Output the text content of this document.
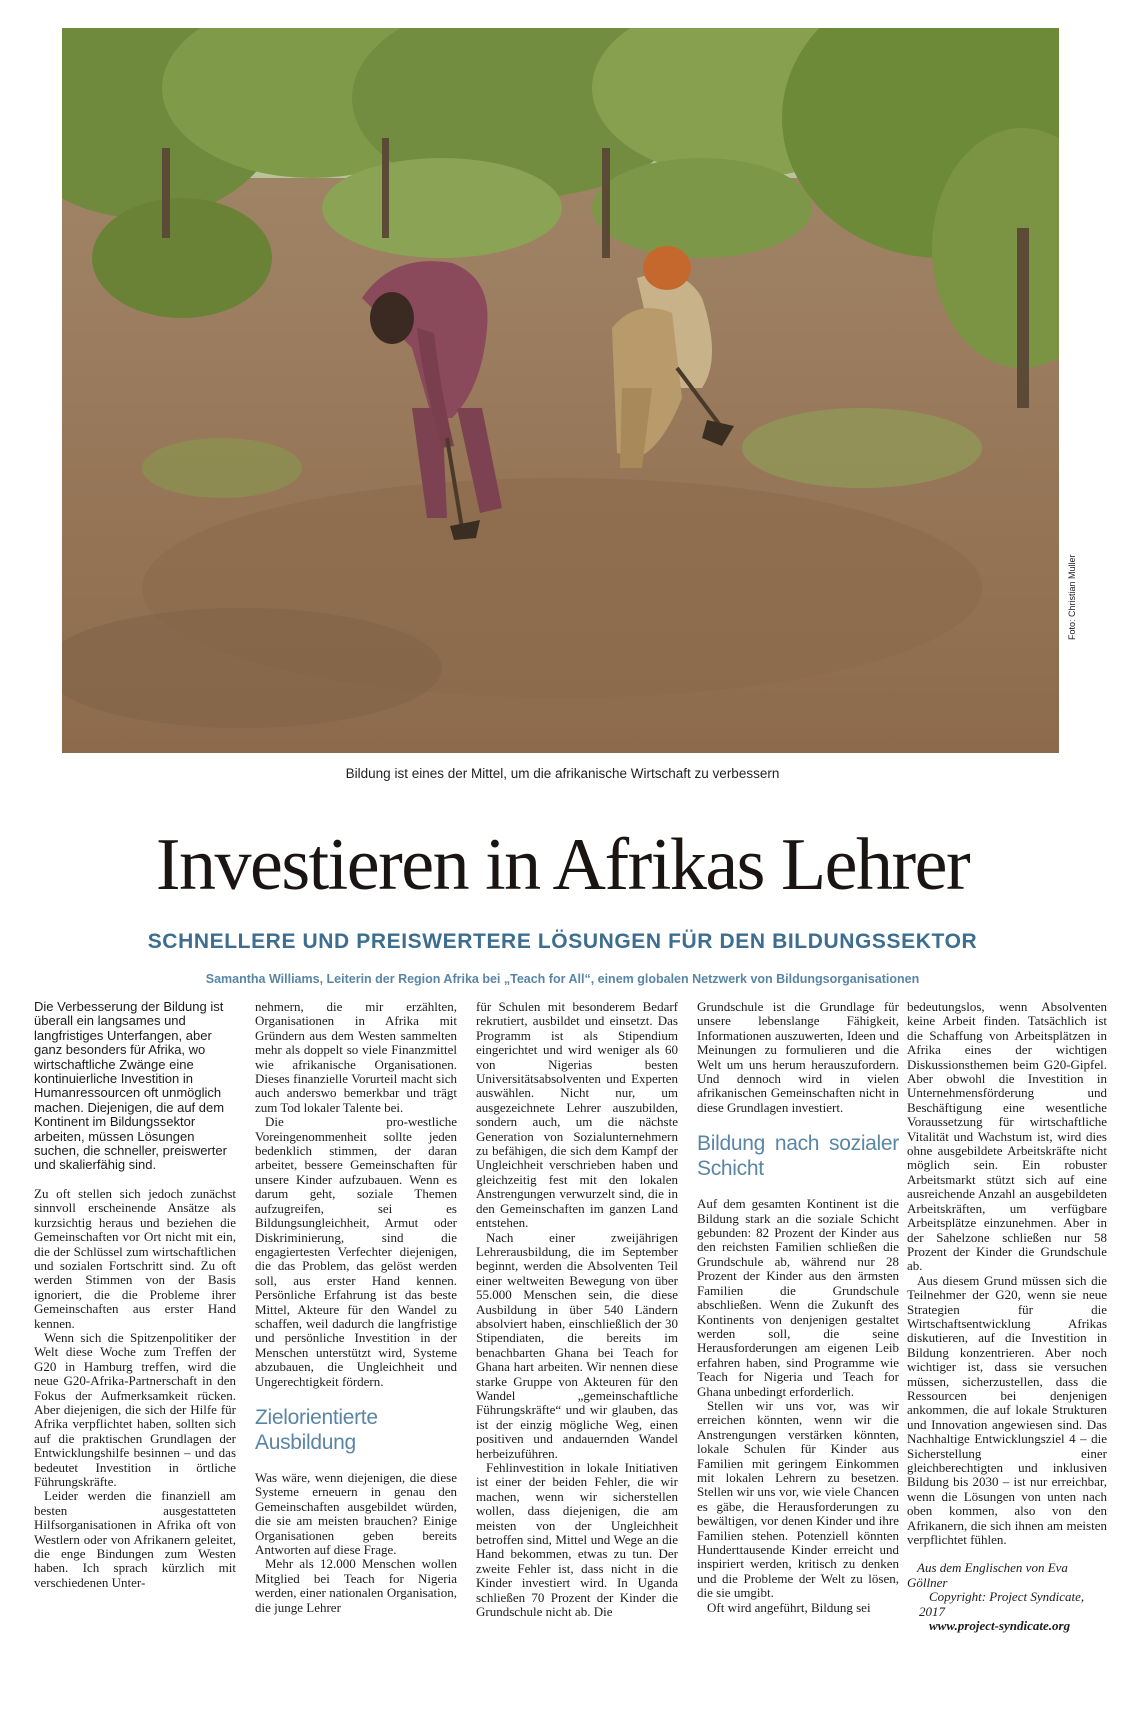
Foto: Christian Muller
Bildung ist eines der Mittel, um die afrikanische Wirtschaft zu verbessern
Investieren in Afrikas Lehrer
SCHNELLERE UND PREISWERTERE LÖSUNGEN FÜR DEN BILDUNGSSEKTOR
Samantha Williams, Leiterin der Region Afrika bei „Teach for All“, einem globalen Netzwerk von Bildungsorganisationen

Die Verbesserung der Bildung ist überall ein langsames und langfristiges Unterfangen, aber ganz besonders für Afrika, wo wirtschaftliche Zwänge eine kontinuierliche Investition in Humanressourcen oft unmöglich machen. Diejenigen, die auf dem Kontinent im Bildungssektor arbeiten, müssen Lösungen suchen, die schneller, preiswerter und skalierfähig sind.

Zu oft stellen sich jedoch zunächst sinnvoll erscheinende Ansätze als kurzsichtig heraus und beziehen die Gemeinschaften vor Ort nicht mit ein, die der Schlüssel zum wirtschaftlichen und sozialen Fortschritt sind. Zu oft werden Stimmen von der Basis ignoriert, die die Probleme ihrer Gemeinschaften aus erster Hand kennen.

Wenn sich die Spitzenpolitiker der Welt diese Woche zum Treffen der G20 in Hamburg treffen, wird die neue G20-Afrika-Partnerschaft in den Fokus der Aufmerksamkeit rücken. Aber diejenigen, die sich der Hilfe für Afrika verpflichtet haben, sollten sich auf die praktischen Grundlagen der Entwicklungshilfe besinnen – und das bedeutet Investition in örtliche Führungskräfte.

Leider werden die finanziell am besten ausgestatteten Hilfsorganisationen in Afrika oft von Westlern oder von Afrikanern geleitet, die enge Bindungen zum Westen haben. Ich sprach kürzlich mit verschiedenen Unter-

nehmern, die mir erzählten, Organisationen in Afrika mit Gründern aus dem Westen sammelten mehr als doppelt so viele Finanzmittel wie afrikanische Organisationen. Dieses finanzielle Vorurteil macht sich auch anderswo bemerkbar und trägt zum Tod lokaler Talente bei.

Die pro-westliche Voreingenommenheit sollte jeden bedenklich stimmen, der daran arbeitet, bessere Gemeinschaften für unsere Kinder aufzubauen. Wenn es darum geht, soziale Themen aufzugreifen, sei es Bildungsungleichheit, Armut oder Diskriminierung, sind die engagiertesten Verfechter diejenigen, die das Problem, das gelöst werden soll, aus erster Hand kennen. Persönliche Erfahrung ist das beste Mittel, Akteure für den Wandel zu schaffen, weil dadurch die langfristige und persönliche Investition in der Menschen unterstützt wird, Systeme abzubauen, die Ungleichheit und Ungerechtigkeit fördern.

Zielorientierte Ausbildung

Was wäre, wenn diejenigen, die diese Systeme erneuern in genau den Gemeinschaften ausgebildet würden, die sie am meisten brauchen? Einige Organisationen geben bereits Antworten auf diese Frage.

Mehr als 12.000 Menschen wollen Mitglied bei Teach for Nigeria werden, einer nationalen Organisation, die junge Lehrer

für Schulen mit besonderem Bedarf rekrutiert, ausbildet und einsetzt. Das Programm ist als Stipendium eingerichtet und wird weniger als 60 von Nigerias besten Universitätsabsolventen und Experten auswählen. Nicht nur, um ausgezeichnete Lehrer auszubilden, sondern auch, um die nächste Generation von Sozialunternehmern zu befähigen, die sich dem Kampf der Ungleichheit verschrieben haben und gleichzeitig fest mit den lokalen Anstrengungen verwurzelt sind, die in den Gemeinschaften im ganzen Land entstehen.

Nach einer zweijährigen Lehrerausbildung, die im September beginnt, werden die Absolventen Teil einer weltweiten Bewegung von über 55.000 Menschen sein, die diese Ausbildung in über 540 Ländern absolviert haben, einschließlich der 30 Stipendiaten, die bereits im benachbarten Ghana bei Teach for Ghana hart arbeiten. Wir nennen diese starke Gruppe von Akteuren für den Wandel „gemeinschaftliche Führungskräfte“ und wir glauben, das ist der einzig mögliche Weg, einen positiven und andauernden Wandel herbeizuführen.

Fehlinvestition in lokale Initiativen ist einer der beiden Fehler, die wir machen, wenn wir sicherstellen wollen, dass diejenigen, die am meisten von der Ungleichheit betroffen sind, Mittel und Wege an die Hand bekommen, etwas zu tun. Der zweite Fehler ist, dass nicht in die Kinder investiert wird. In Uganda schließen 70 Prozent der Kinder die Grundschule nicht ab. Die

Grundschule ist die Grundlage für unsere lebenslange Fähigkeit, Informationen auszuwerten, Ideen und Meinungen zu formulieren und die Welt um uns herum herauszufordern. Und dennoch wird in vielen afrikanischen Gemeinschaften nicht in diese Grundlagen investiert.

Bildung nach sozialer Schicht

Auf dem gesamten Kontinent ist die Bildung stark an die soziale Schicht gebunden: 82 Prozent der Kinder aus den reichsten Familien schließen die Grundschule ab, während nur 28 Prozent der Kinder aus den ärmsten Familien die Grundschule abschließen. Wenn die Zukunft des Kontinents von denjenigen gestaltet werden soll, die seine Herausforderungen am eigenen Leib erfahren haben, sind Programme wie Teach for Nigeria und Teach for Ghana unbedingt erforderlich.

Stellen wir uns vor, was wir erreichen könnten, wenn wir die Anstrengungen verstärken könnten, lokale Schulen für Kinder aus Familien mit geringem Einkommen mit lokalen Lehrern zu besetzen. Stellen wir uns vor, wie viele Chancen es gäbe, die Herausforderungen zu bewältigen, vor denen Kinder und ihre Familien stehen. Potenziell könnten Hunderttausende Kinder erreicht und inspiriert werden, kritisch zu denken und die Probleme der Welt zu lösen, die sie umgibt.

Oft wird angeführt, Bildung sei

bedeutungslos, wenn Absolventen keine Arbeit finden. Tatsächlich ist die Schaffung von Arbeitsplätzen in Afrika eines der wichtigen Diskussionsthemen beim G20-Gipfel. Aber obwohl die Investition in Unternehmensförderung und Beschäftigung eine wesentliche Voraussetzung für wirtschaftliche Vitalität und Wachstum ist, wird dies ohne ausgebildete Arbeitskräfte nicht möglich sein. Ein robuster Arbeitsmarkt stützt sich auf eine ausreichende Anzahl an ausgebildeten Arbeitskräften, um verfügbare Arbeitsplätze einzunehmen. Aber in der Sahelzone schließen nur 58 Prozent der Kinder die Grundschule ab.

Aus diesem Grund müssen sich die Teilnehmer der G20, wenn sie neue Strategien für die Wirtschaftsentwicklung Afrikas diskutieren, auf die Investition in Bildung konzentrieren. Aber noch wichtiger ist, dass sie versuchen müssen, sicherzustellen, dass die Ressourcen bei denjenigen ankommen, die auf lokale Strukturen und Innovation angewiesen sind. Das Nachhaltige Entwicklungsziel 4 – die Sicherstellung einer gleichberechtigten und inklusiven Bildung bis 2030 – ist nur erreichbar, wenn die Lösungen von unten nach oben kommen, also von den Afrikanern, die sich ihnen am meisten verpflichtet fühlen.

Aus dem Englischen von Eva Göllner

Copyright: Project Syndicate, 2017

www.project-syndicate.org
